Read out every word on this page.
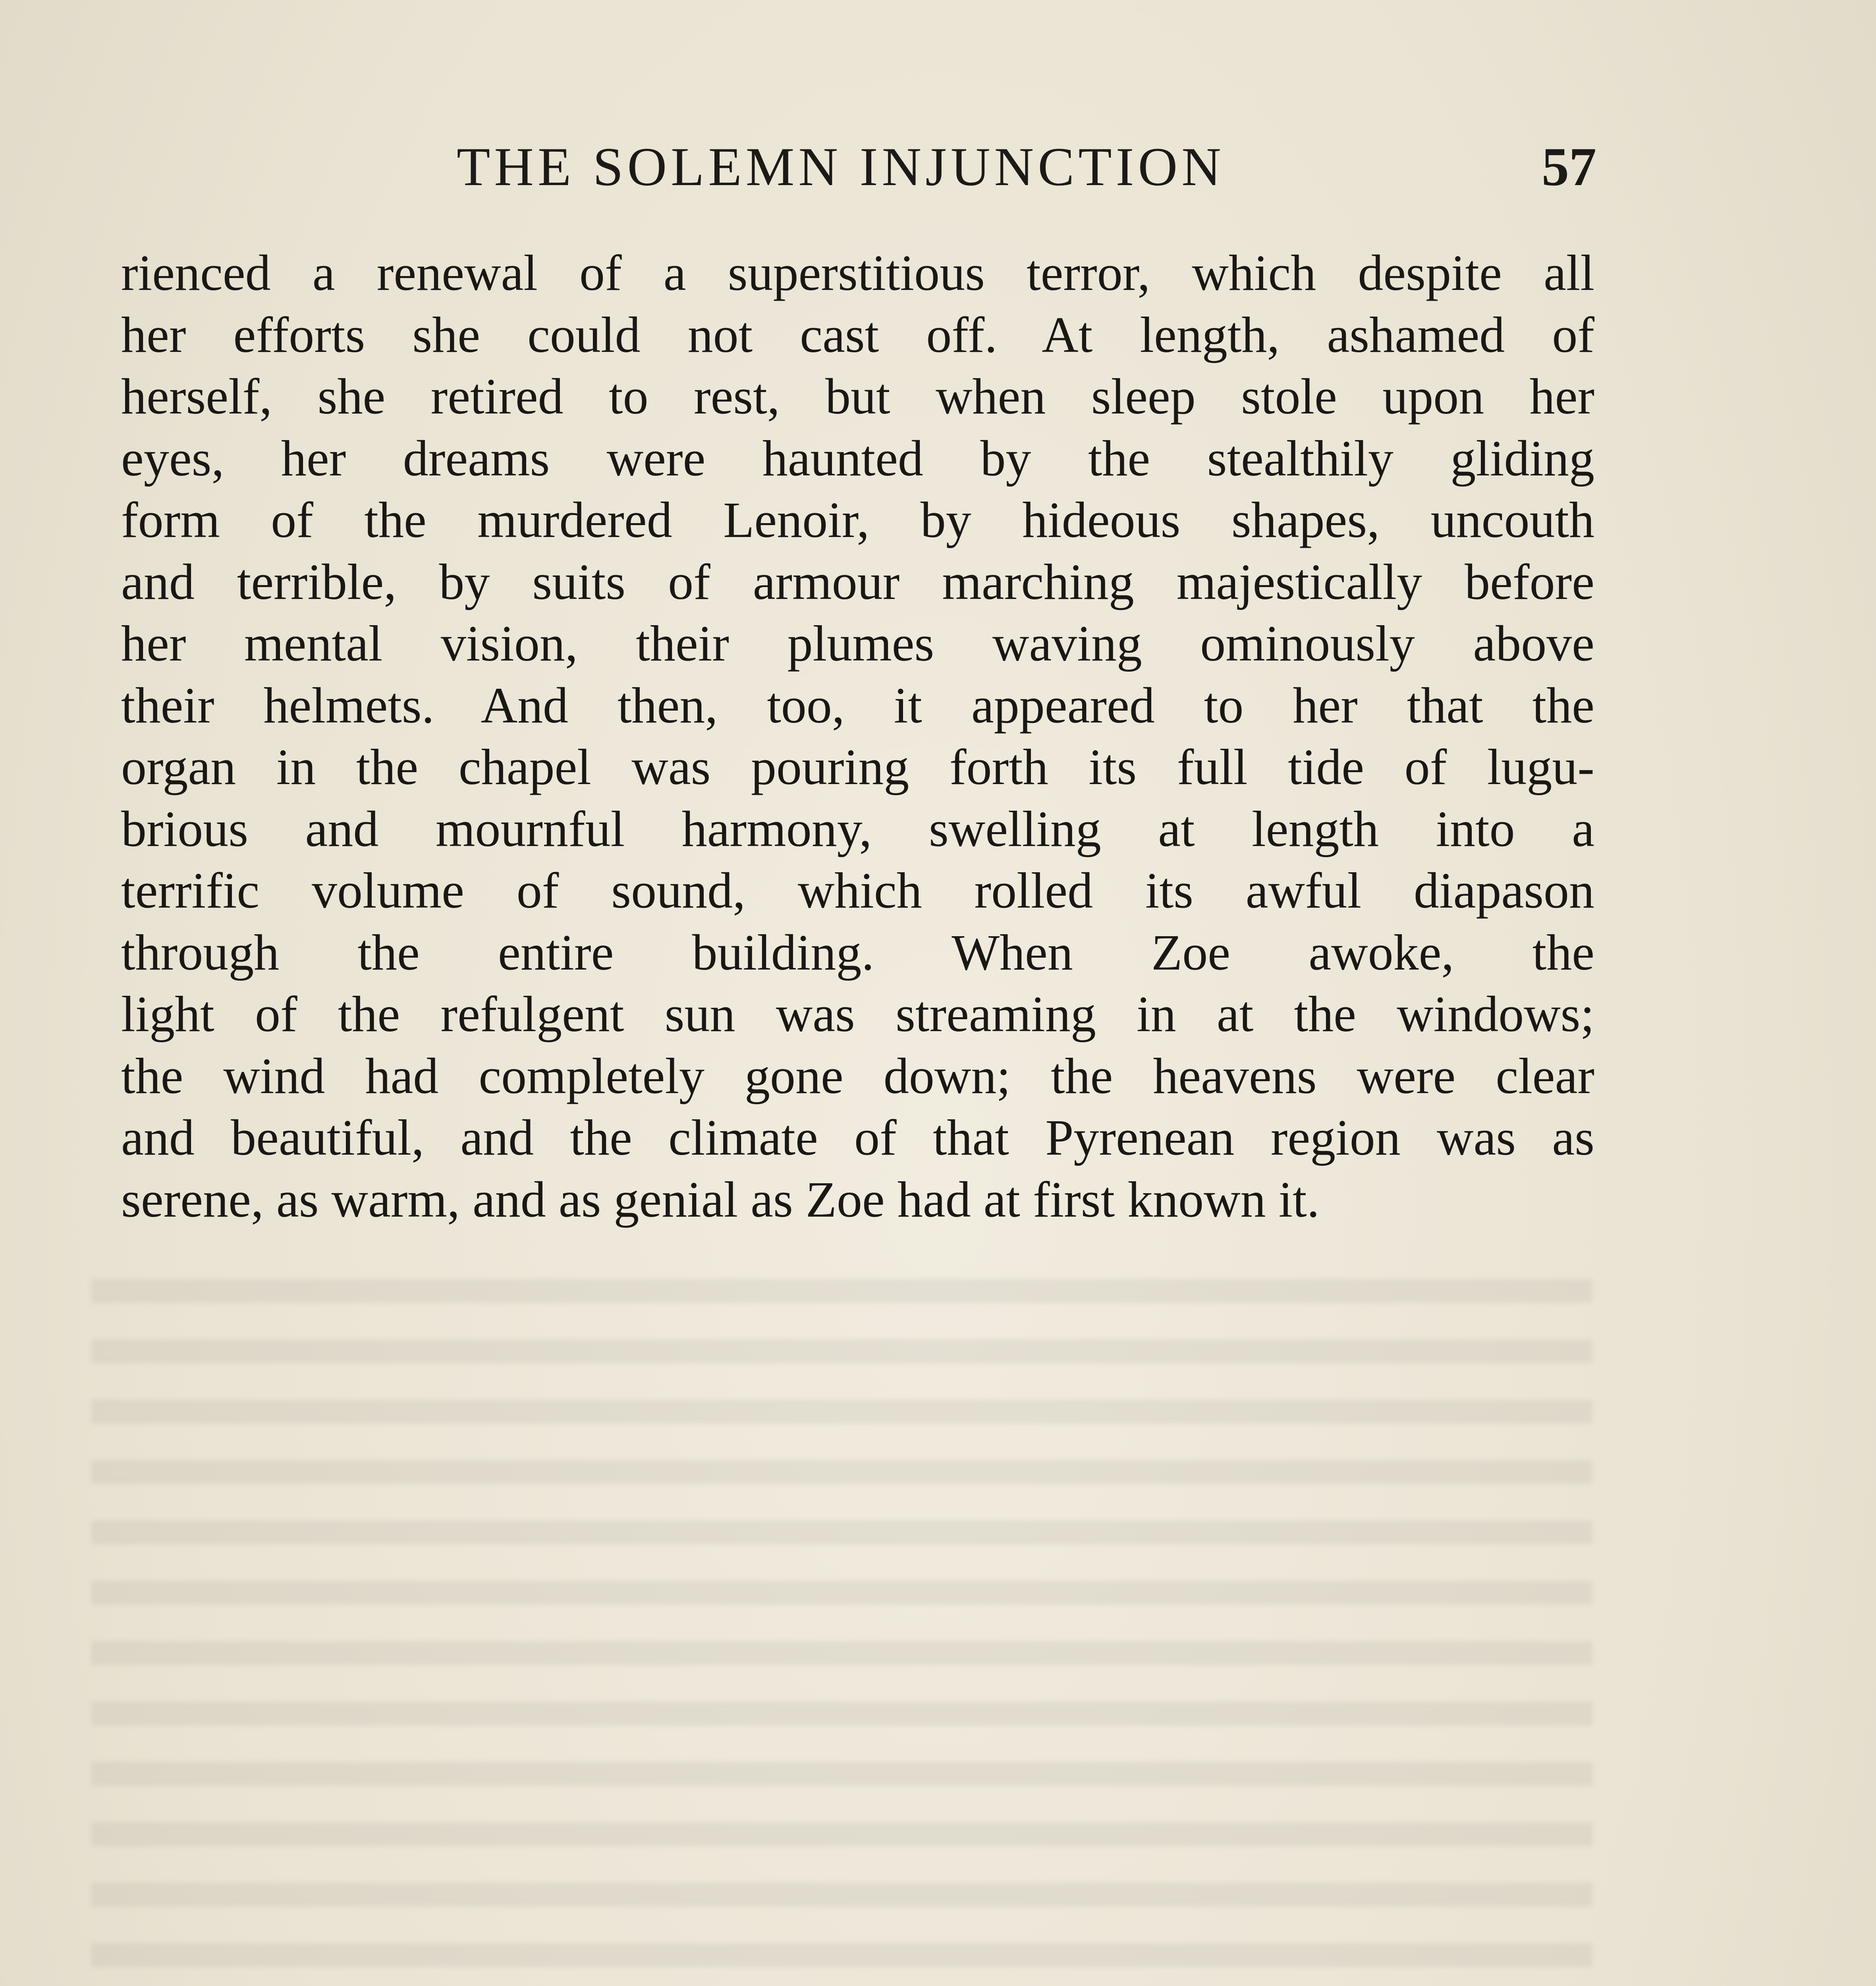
THE SOLEMN INJUNCTION	57
rienced a renewal of a superstitious terror, which despite all
her efforts she could not cast off. At length, ashamed of
herself, she retired to rest, but when sleep stole upon her
eyes, her dreams were haunted by the stealthily gliding
form of the murdered Lenoir, by hideous shapes, uncouth
and terrible, by suits of armour marching majestically before
her mental vision, their plumes waving ominously above
their helmets. And then, too, it appeared to her that the
organ in the chapel was pouring forth its full tide of lugu-
brious and mournful harmony, swelling at length into a
terrific volume of sound, which rolled its awful diapason
through the entire building. When Zoe awoke, the
light of the refulgent sun was streaming in at the windows;
the wind had completely gone down; the heavens were clear
and beautiful, and the climate of that Pyrenean region was as
serene, as warm, and as genial as Zoe had at first known it.
